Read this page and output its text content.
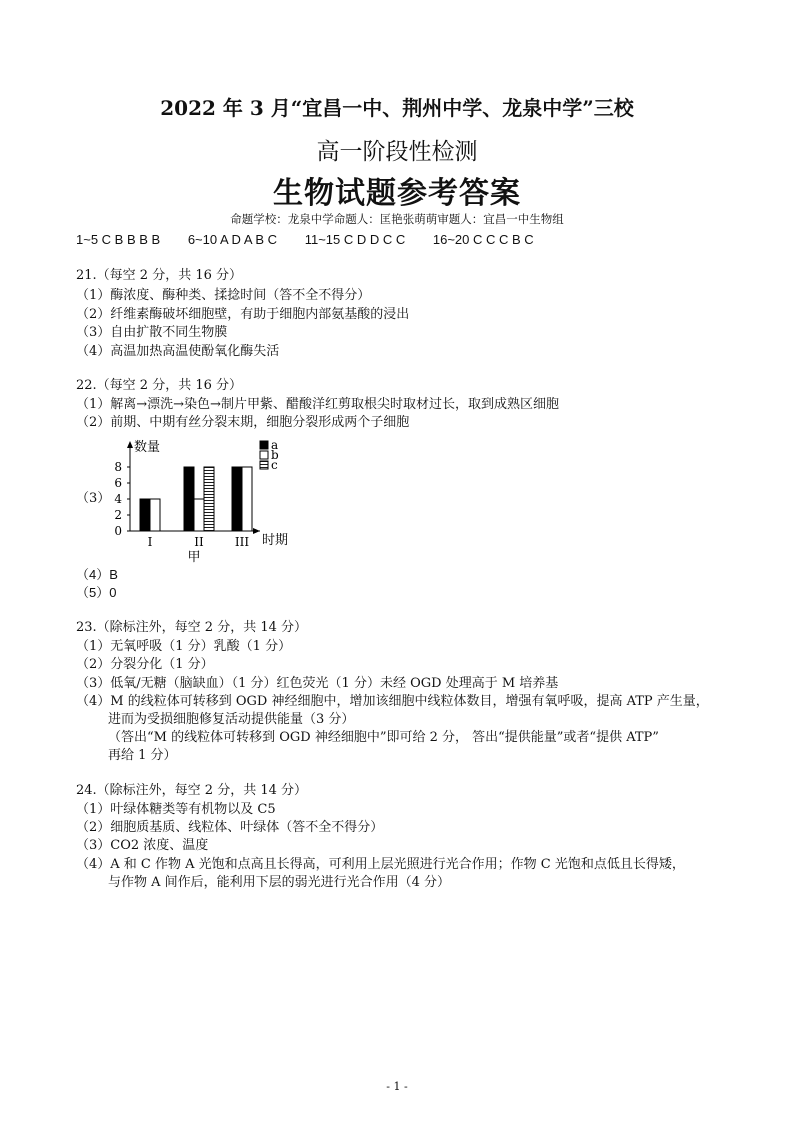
2022 年 3 月“宜昌一中、荆州中学、龙泉中学”三校
高一阶段性检测
生物试题参考答案
命题学校：龙泉中学命题人：匡艳张萌萌审题人：宜昌一中生物组
1~5 C B B B B 6~10 A D A B C 11~15 C D D C C 16~20 C C C B C
21.（每空 2 分，共 16 分）
（1）酶浓度、酶种类、揉捻时间（答不全不得分）
（2）纤维素酶破坏细胞壁，有助于细胞内部氨基酸的浸出
（3）自由扩散不同生物膜
（4）高温加热高温使酚氧化酶失活
22.（每空 2 分，共 16 分）
（1）解离→漂洗→染色→制片甲紫、醋酸洋红剪取根尖时取材过长，取到成熟区细胞
（2）前期、中期有丝分裂末期，细胞分裂形成两个子细胞
（3）
0
2
4
6
8
数量
时期
I	II	III
甲
a
b
c
（4）B
（5）0
23.（除标注外，每空 2 分，共 14 分）
（1）无氧呼吸（1 分）乳酸（1 分）
（2）分裂分化（1 分）
（3）低氧/无糖（脑缺血）（1 分）红色荧光（1 分）未经 OGD 处理高于 M 培养基
（4）M 的线粒体可转移到 OGD 神经细胞中，增加该细胞中线粒体数目，增强有氧呼吸，提高 ATP 产生量，
进而为受损细胞修复活动提供能量（3 分）
（答出“M 的线粒体可转移到 OGD 神经细胞中”即可给 2 分， 答出“提供能量”或者“提供 ATP”
再给 1 分）
24.（除标注外，每空 2 分，共 14 分）
（1）叶绿体糖类等有机物以及 C5
（2）细胞质基质、线粒体、叶绿体（答不全不得分）
（3）CO2 浓度、温度
（4）A 和 C 作物 A 光饱和点高且长得高，可利用上层光照进行光合作用；作物 C 光饱和点低且长得矮，
与作物 A 间作后，能利用下层的弱光进行光合作用（4 分）
- 1 -
